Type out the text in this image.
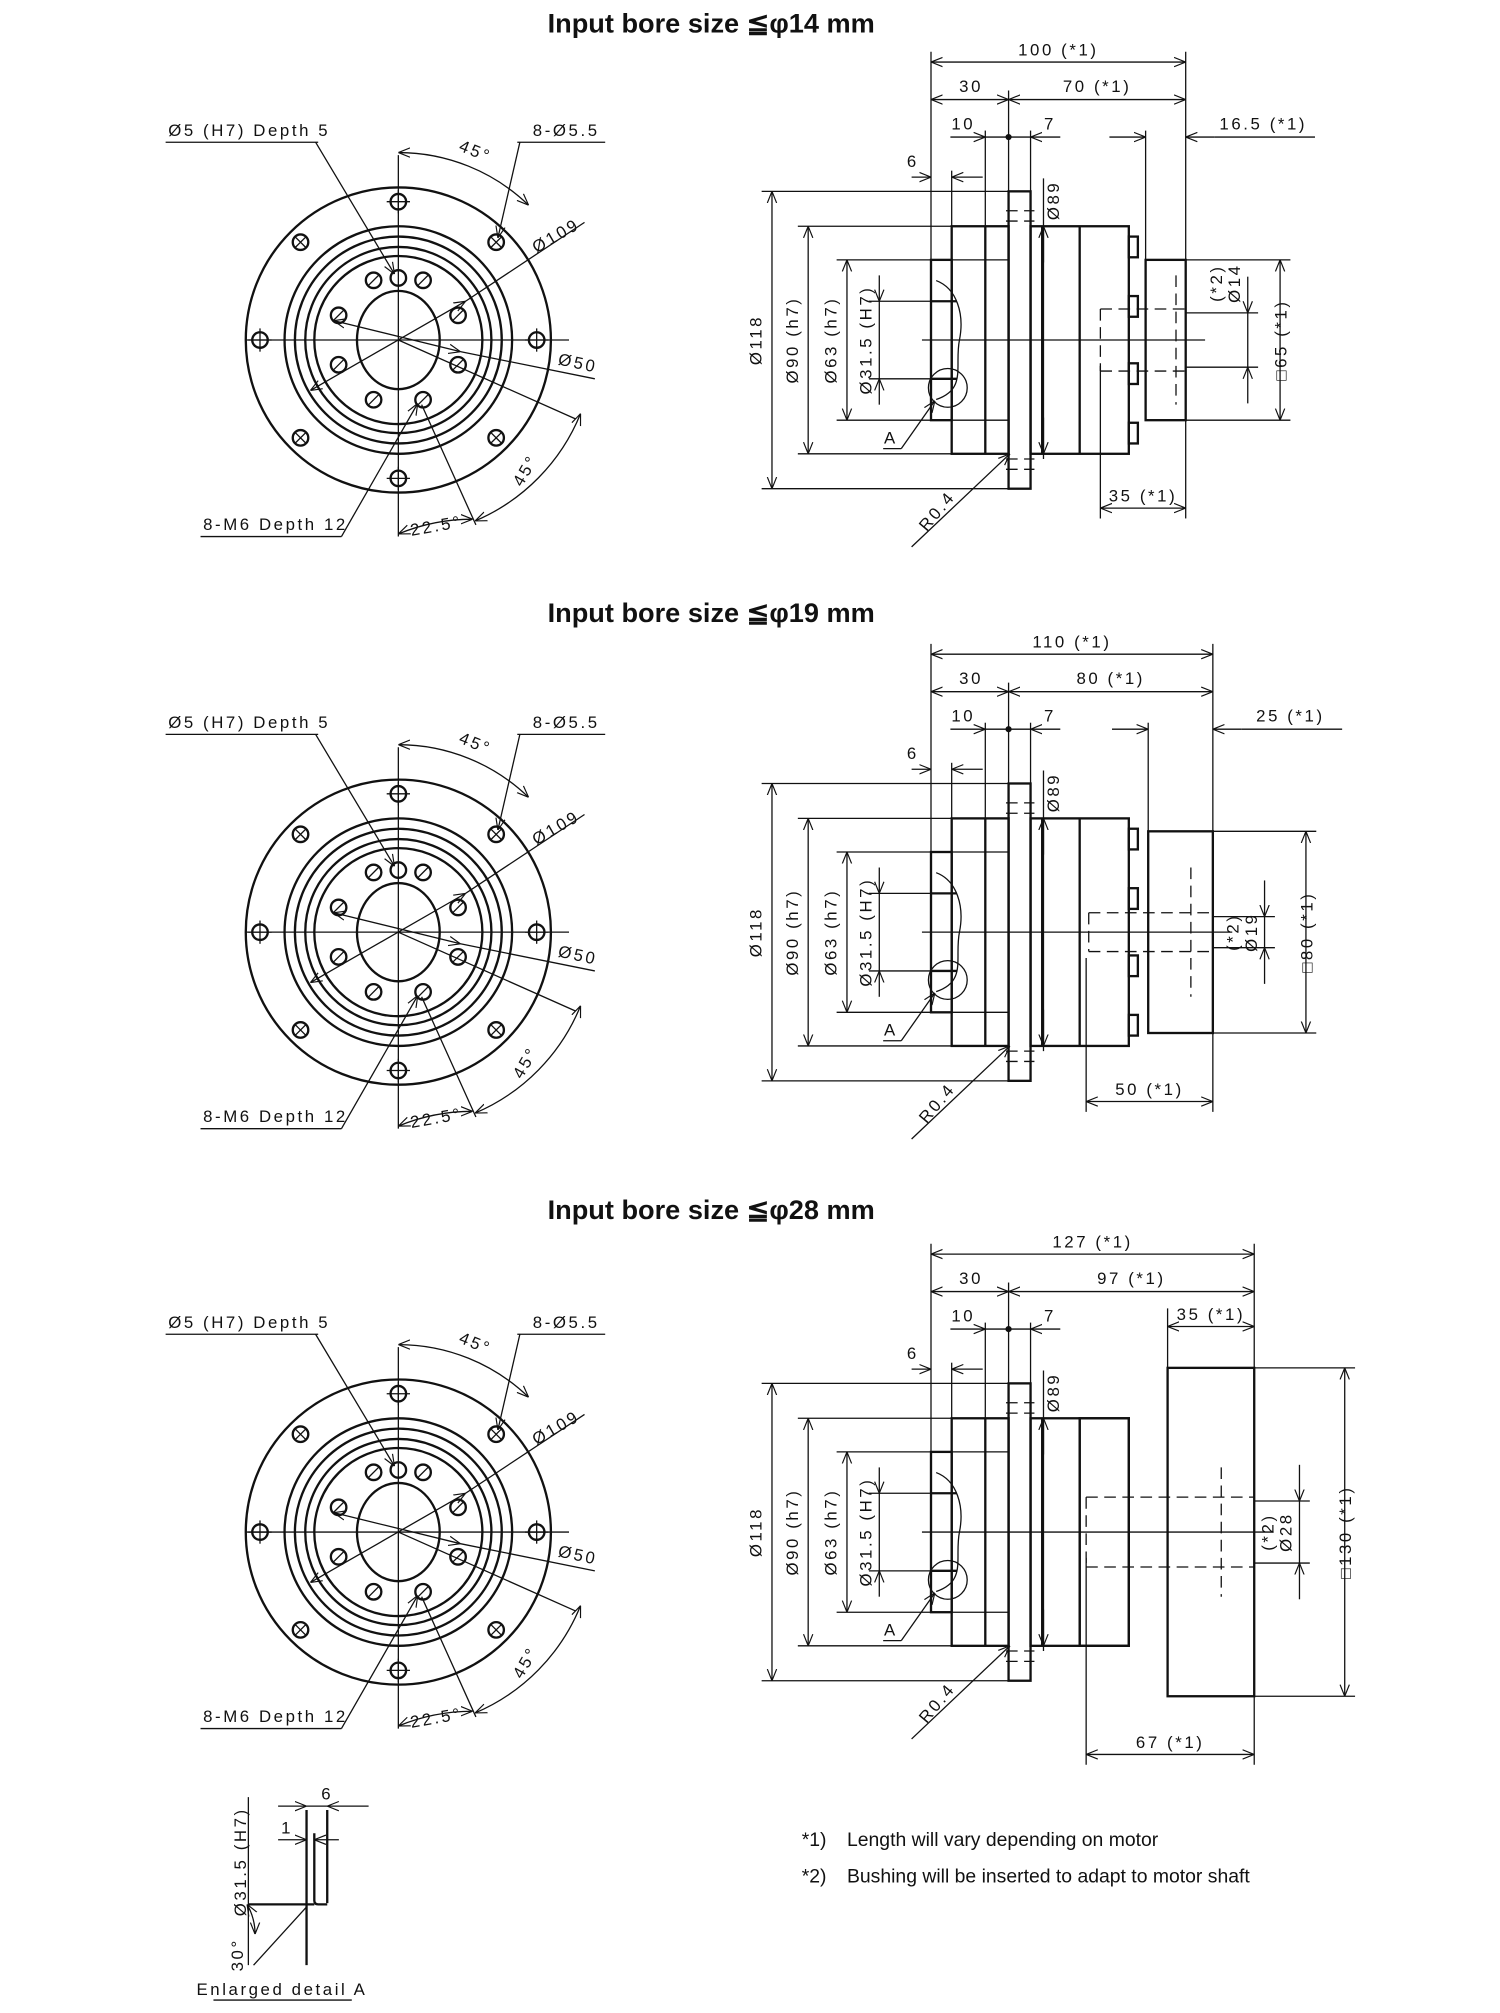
Input bore size ≦φ14 mm
Ø5 (H7) Depth 5	8-Ø5.5
45°
Ø109
Ø50
45°
22.5°
8-M6 Depth 12
100 (*1)
30	70 (*1)
10	7	16.5 (*1)
6
Ø118 Ø90 (h7) Ø63 (h7) Ø31.5 (H7)
Ø89
A
R0.4	35 (*1)
(*2) Ø14
□65 (*1)
Input bore size ≦φ19 mm
Ø5 (H7) Depth 5	8-Ø5.5
45°
Ø109
Ø50
45°
22.5°
8-M6 Depth 12
110 (*1)
30	80 (*1)
10	7	25 (*1)
6
Ø118 Ø90 (h7) Ø63 (h7) Ø31.5 (H7)
Ø89
A
R0.4	50 (*1)
(*2) Ø19	□80 (*1)
Input bore size ≦φ28 mm
Ø5 (H7) Depth 5	8-Ø5.5
45°
Ø109
Ø50
45°
22.5°
8-M6 Depth 12
127 (*1)
30	97 (*1)
10	7	35 (*1)
6
Ø118 Ø90 (h7) Ø63 (h7) Ø31.5 (H7)
Ø89
A
R0.4
67 (*1)
(*2) Ø28	□130 (*1)
Ø31.5 (H7)
6
1
30°
Enlarged detail A
*1) Length will vary depending on motor
*2) Bushing will be inserted to adapt to motor shaft
